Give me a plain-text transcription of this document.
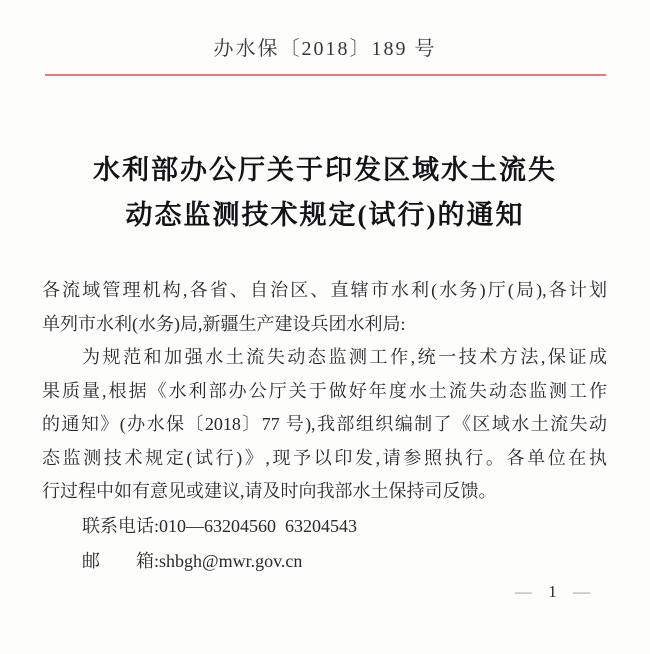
办水保〔2018〕189 号
水利部办公厅关于印发区域水土流失
动态监测技术规定(试行)的通知
各流域管理机构,各省、自治区、直辖市水利(水务)厅(局),各计划
单列市水利(水务)局,新疆生产建设兵团水利局:
为规范和加强水土流失动态监测工作,统一技术方法,保证成
果质量,根据《水利部办公厅关于做好年度水土流失动态监测工作
的通知》(办水保〔2018〕77 号),我部组织编制了《区域水土流失动
态监测技术规定(试行)》,现予以印发,请参照执行。各单位在执
行过程中如有意见或建议,请及时向我部水土保持司反馈。
联系电话:010—63204560  63204543
邮　　箱:shbgh@mwr.gov.cn
— 1 —
